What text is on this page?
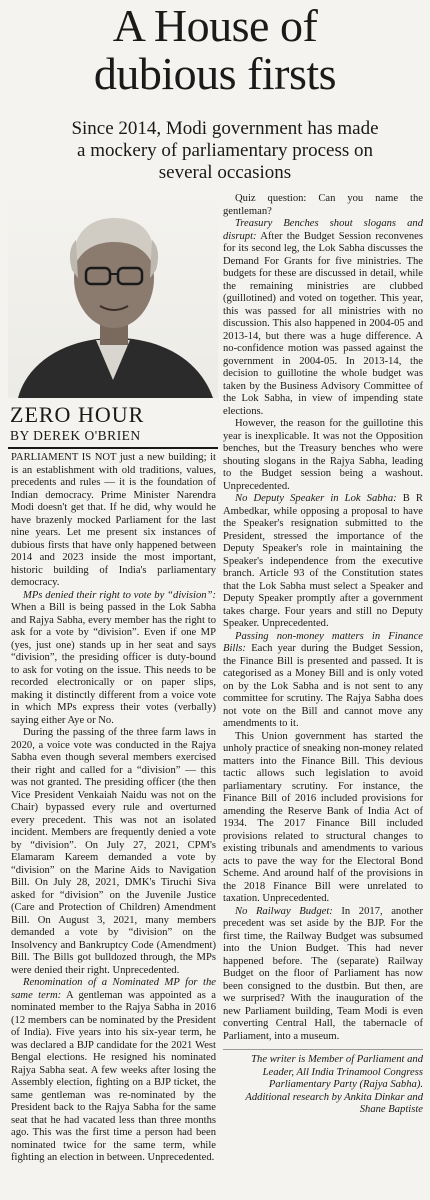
A House of
dubious firsts
Since 2014, Modi government has made a mockery of parliamentary process on several occasions
ZERO HOUR
BY DEREK O'BRIEN

PARLIAMENT IS NOT just a new building; it is an establishment with old traditions, values, precedents and rules — it is the foundation of Indian democracy. Prime Minister Narendra Modi doesn't get that. If he did, why would he have brazenly mocked Parliament for the last nine years. Let me present six instances of dubious firsts that have only happened between 2014 and 2023 inside the most important, historic building of India's parliamentary democracy.

MPs denied their right to vote by “division”: When a Bill is being passed in the Lok Sabha and Rajya Sabha, every member has the right to ask for a vote by “division”. Even if one MP (yes, just one) stands up in her seat and says “division”, the presiding officer is duty-bound to ask for voting on the issue. This needs to be recorded electronically or on paper slips, making it distinctly different from a voice vote in which MPs express their votes (verbally) saying either Aye or No.

During the passing of the three farm laws in 2020, a voice vote was conducted in the Rajya Sabha even though several members exercised their right and called for a “division” — this was not granted. The presiding officer (the then Vice President Venkaiah Naidu was not on the Chair) bypassed every rule and overturned every precedent. This was not an isolated incident. Members are frequently denied a vote by “division”. On July 27, 2021, CPM's Elamaram Kareem demanded a vote by “division” on the Marine Aids to Navigation Bill. On July 28, 2021, DMK's Tiruchi Siva asked for “division” on the Juvenile Justice (Care and Protection of Children) Amendment Bill. On August 3, 2021, many members demanded a vote by “division” on the Insolvency and Bankruptcy Code (Amendment) Bill. The Bills got bulldozed through, the MPs were denied their right. Unprecedented.

Renomination of a Nominated MP for the same term: A gentleman was appointed as a nominated member to the Rajya Sabha in 2016 (12 members can be nominated by the President of India). Five years into his six-year term, he was declared a BJP candidate for the 2021 West Bengal elections. He resigned his nominated Rajya Sabha seat. A few weeks after losing the Assembly election, fighting on a BJP ticket, the same gentleman was re-nominated by the President back to the Rajya Sabha for the same seat that he had vacated less than three months ago. This was the first time a person had been nominated twice for the same term, while fighting an election in between. Unprecedented.

Quiz question: Can you name the gentleman?

Treasury Benches shout slogans and disrupt: After the Budget Session reconvenes for its second leg, the Lok Sabha discusses the Demand For Grants for five ministries. The budgets for these are discussed in detail, while the remaining ministries are clubbed (guillotined) and voted on together. This year, this was passed for all ministries with no discussion. This also happened in 2004-05 and 2013-14, but there was a huge difference. A no-confidence motion was passed against the government in 2004-05. In 2013-14, the decision to guillotine the whole budget was taken by the Business Advisory Committee of the Lok Sabha, in view of impending state elections.

However, the reason for the guillotine this year is inexplicable. It was not the Opposition benches, but the Treasury benches who were shouting slogans in the Rajya Sabha, leading to the Budget session being a washout. Unprecedented.

No Deputy Speaker in Lok Sabha: B R Ambedkar, while opposing a proposal to have the Speaker's resignation submitted to the President, stressed the importance of the Deputy Speaker's role in maintaining the Speaker's independence from the executive branch. Article 93 of the Constitution states that the Lok Sabha must select a Speaker and Deputy Speaker promptly after a government takes charge. Four years and still no Deputy Speaker. Unprecedented.

Passing non-money matters in Finance Bills: Each year during the Budget Session, the Finance Bill is presented and passed. It is categorised as a Money Bill and is only voted on by the Lok Sabha and is not sent to any committee for scrutiny. The Rajya Sabha does not vote on the Bill and cannot move any amendments to it.

This Union government has started the unholy practice of sneaking non-money related matters into the Finance Bill. This devious tactic allows such legislation to avoid parliamentary scrutiny. For instance, the Finance Bill of 2016 included provisions for amending the Reserve Bank of India Act of 1934. The 2017 Finance Bill included provisions related to structural changes to existing tribunals and amendments to various acts to pave the way for the Electoral Bond Scheme. And around half of the provisions in the 2018 Finance Bill were unrelated to taxation. Unprecedented.

No Railway Budget: In 2017, another precedent was set aside by the BJP. For the first time, the Railway Budget was subsumed into the Union Budget. This had never happened before. The (separate) Railway Budget on the floor of Parliament has now been consigned to the dustbin. But then, are we surprised? With the inauguration of the new Parliament building, Team Modi is even converting Central Hall, the tabernacle of Parliament, into a museum.

The writer is Member of Parliament and Leader, All India Trinamool Congress Parliamentary Party (Rajya Sabha). Additional research by Ankita Dinkar and Shane Baptiste
